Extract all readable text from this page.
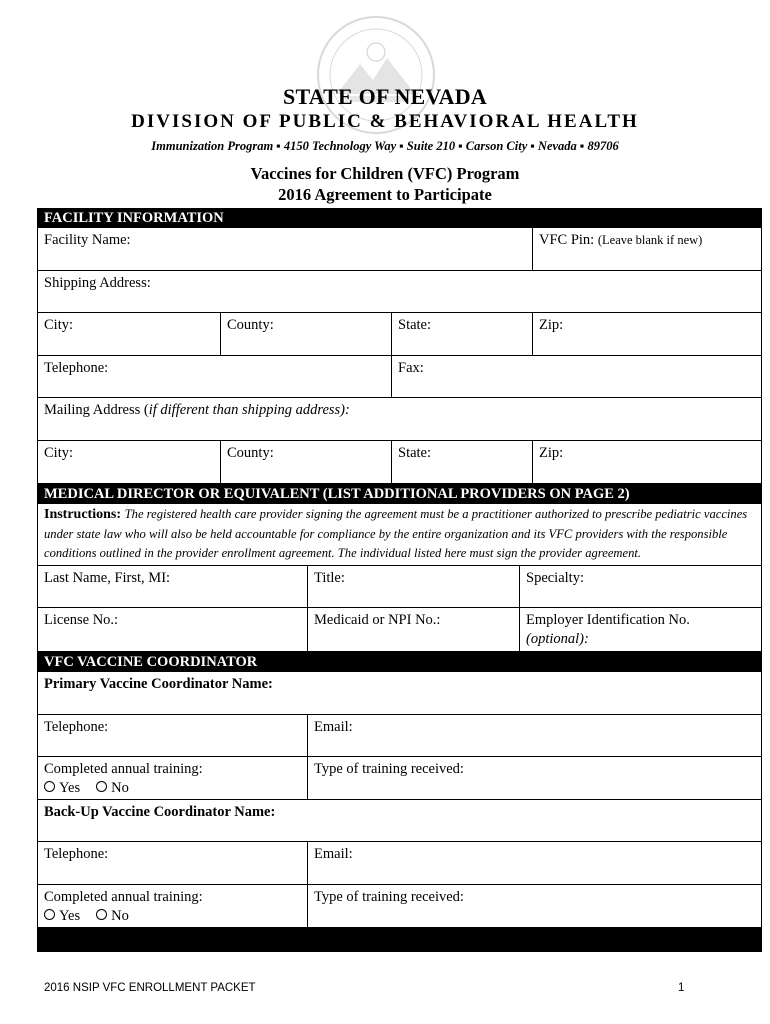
STATE OF NEVADA
DIVISION OF PUBLIC & BEHAVIORAL HEALTH
Immunization Program ▪ 4150 Technology Way ▪ Suite 210 ▪ Carson City ▪ Nevada ▪ 89706
Vaccines for Children (VFC) Program
2016 Agreement to Participate
FACILITY INFORMATION			
Facility Name:			VFC Pin: (Leave blank if new)
Shipping Address:			
City:	County:	State:	Zip:
Telephone:		Fax:	
Mailing Address (if different than shipping address):			
City:	County:	State:	Zip:
MEDICAL DIRECTOR OR EQUIVALENT (LIST ADDITIONAL PROVIDERS ON PAGE 2)		
Instructions: The registered health care provider signing the agreement must be a practitioner authorized to prescribe pediatric vaccines under state law who will also be held accountable for compliance by the entire organization and its VFC providers with the responsible conditions outlined in the provider enrollment agreement. The individual listed here must sign the provider agreement.		
Last Name, First, MI:	Title:	Specialty:
License No.:	Medicaid or NPI No.:	Employer Identification No.
(optional):
VFC VACCINE COORDINATOR	
Primary Vaccine Coordinator Name:	
Telephone:	Email:

Completed annual training:
Yes No	Type of training received:
Back-Up Vaccine Coordinator Name:	
Telephone:	Email:

Completed annual training:
Yes No	Type of training received:

2016 NSIP VFC ENROLLMENT PACKET	1
